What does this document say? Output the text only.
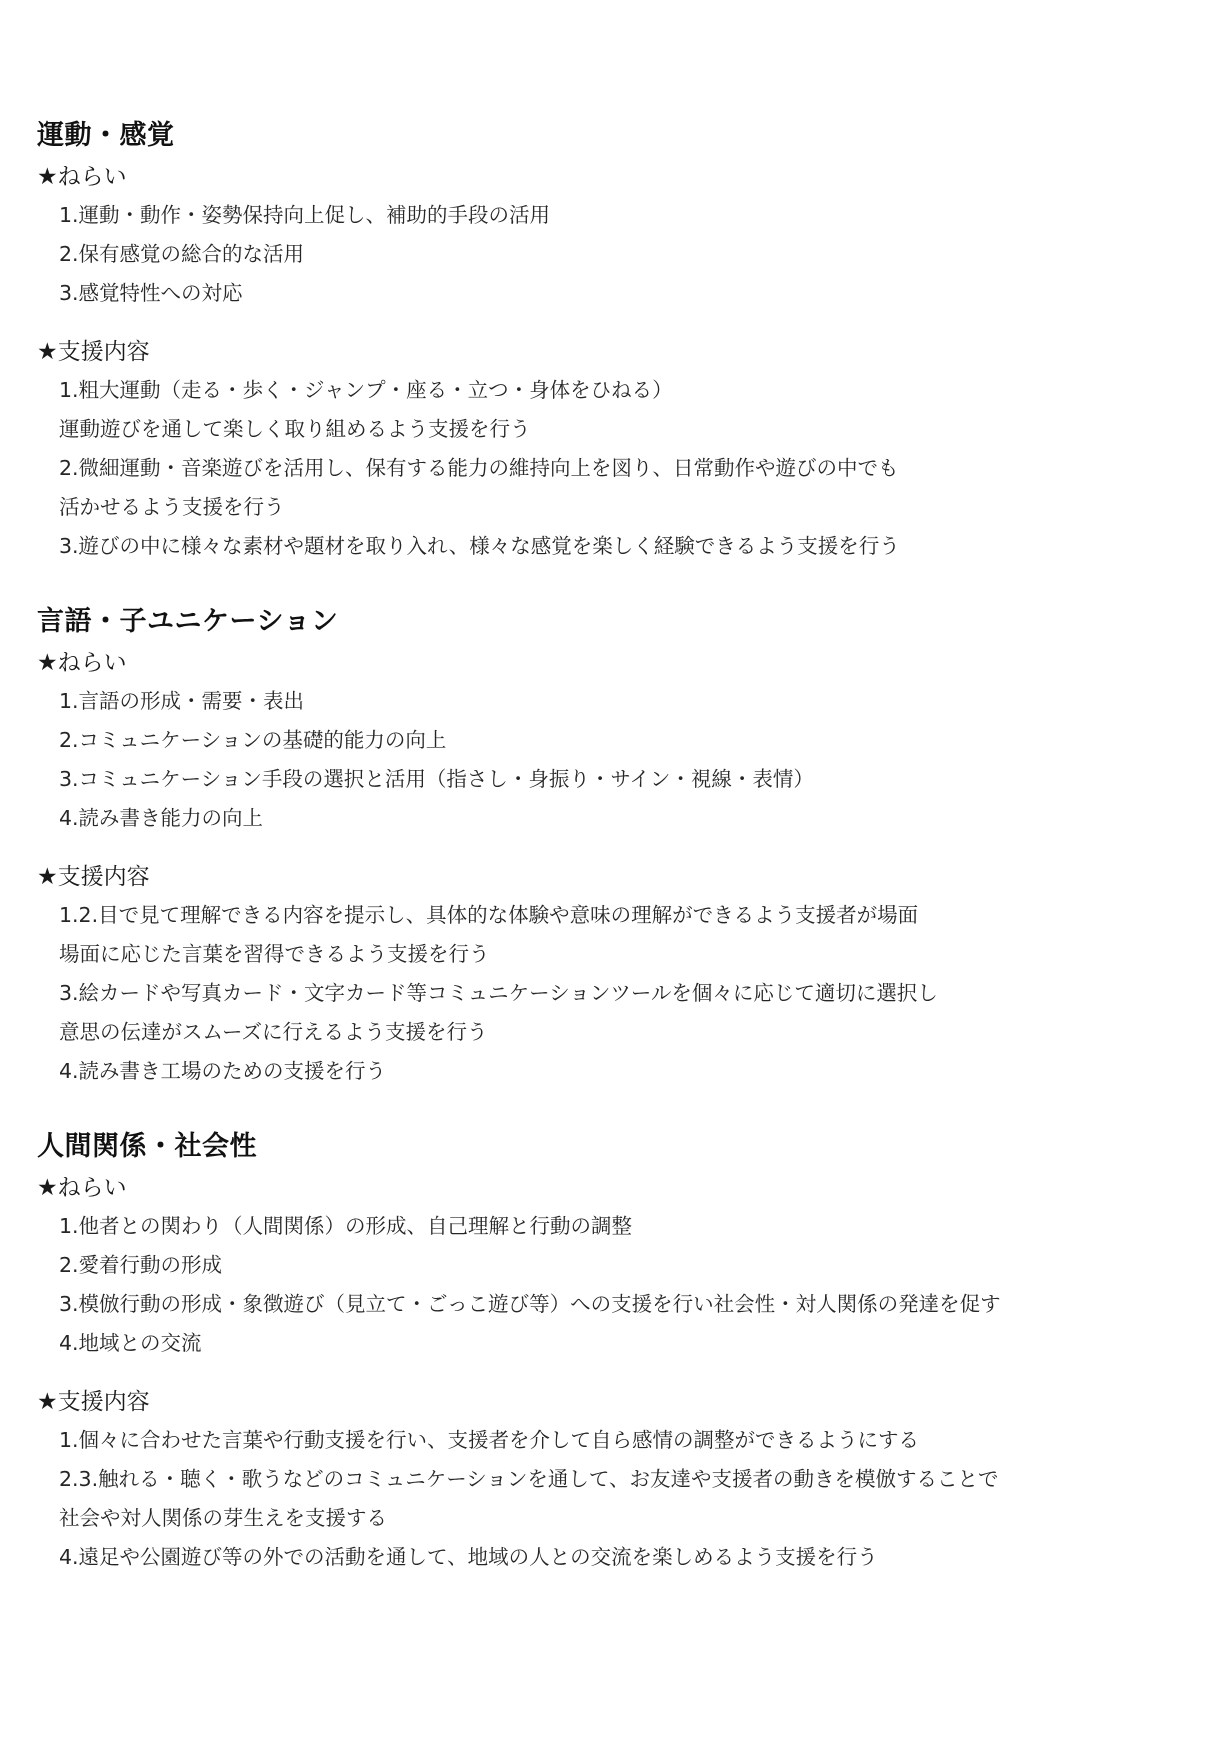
運動・感覚
★ねらい
1.運動・動作・姿勢保持向上促し、補助的手段の活用
2.保有感覚の総合的な活用
3.感覚特性への対応
★支援内容
1.粗大運動（走る・歩く・ジャンプ・座る・立つ・身体をひねる）
運動遊びを通して楽しく取り組めるよう支援を行う
2.微細運動・音楽遊びを活用し、保有する能力の維持向上を図り、日常動作や遊びの中でも
活かせるよう支援を行う
3.遊びの中に様々な素材や題材を取り入れ、様々な感覚を楽しく経験できるよう支援を行う
言語・子ユニケーション
★ねらい
1.言語の形成・需要・表出
2.コミュニケーションの基礎的能力の向上
3.コミュニケーション手段の選択と活用（指さし・身振り・サイン・視線・表情）
4.読み書き能力の向上
★支援内容
1.2.目で見て理解できる内容を提示し、具体的な体験や意味の理解ができるよう支援者が場面
場面に応じた言葉を習得できるよう支援を行う
3.絵カードや写真カード・文字カード等コミュニケーションツールを個々に応じて適切に選択し
意思の伝達がスムーズに行えるよう支援を行う
4.読み書き工場のための支援を行う
人間関係・社会性
★ねらい
1.他者との関わり（人間関係）の形成、自己理解と行動の調整
2.愛着行動の形成
3.模倣行動の形成・象徴遊び（見立て・ごっこ遊び等）への支援を行い社会性・対人関係の発達を促す
4.地域との交流
★支援内容
1.個々に合わせた言葉や行動支援を行い、支援者を介して自ら感情の調整ができるようにする
2.3.触れる・聴く・歌うなどのコミュニケーションを通して、お友達や支援者の動きを模倣することで
社会や対人関係の芽生えを支援する
4.遠足や公園遊び等の外での活動を通して、地域の人との交流を楽しめるよう支援を行う
